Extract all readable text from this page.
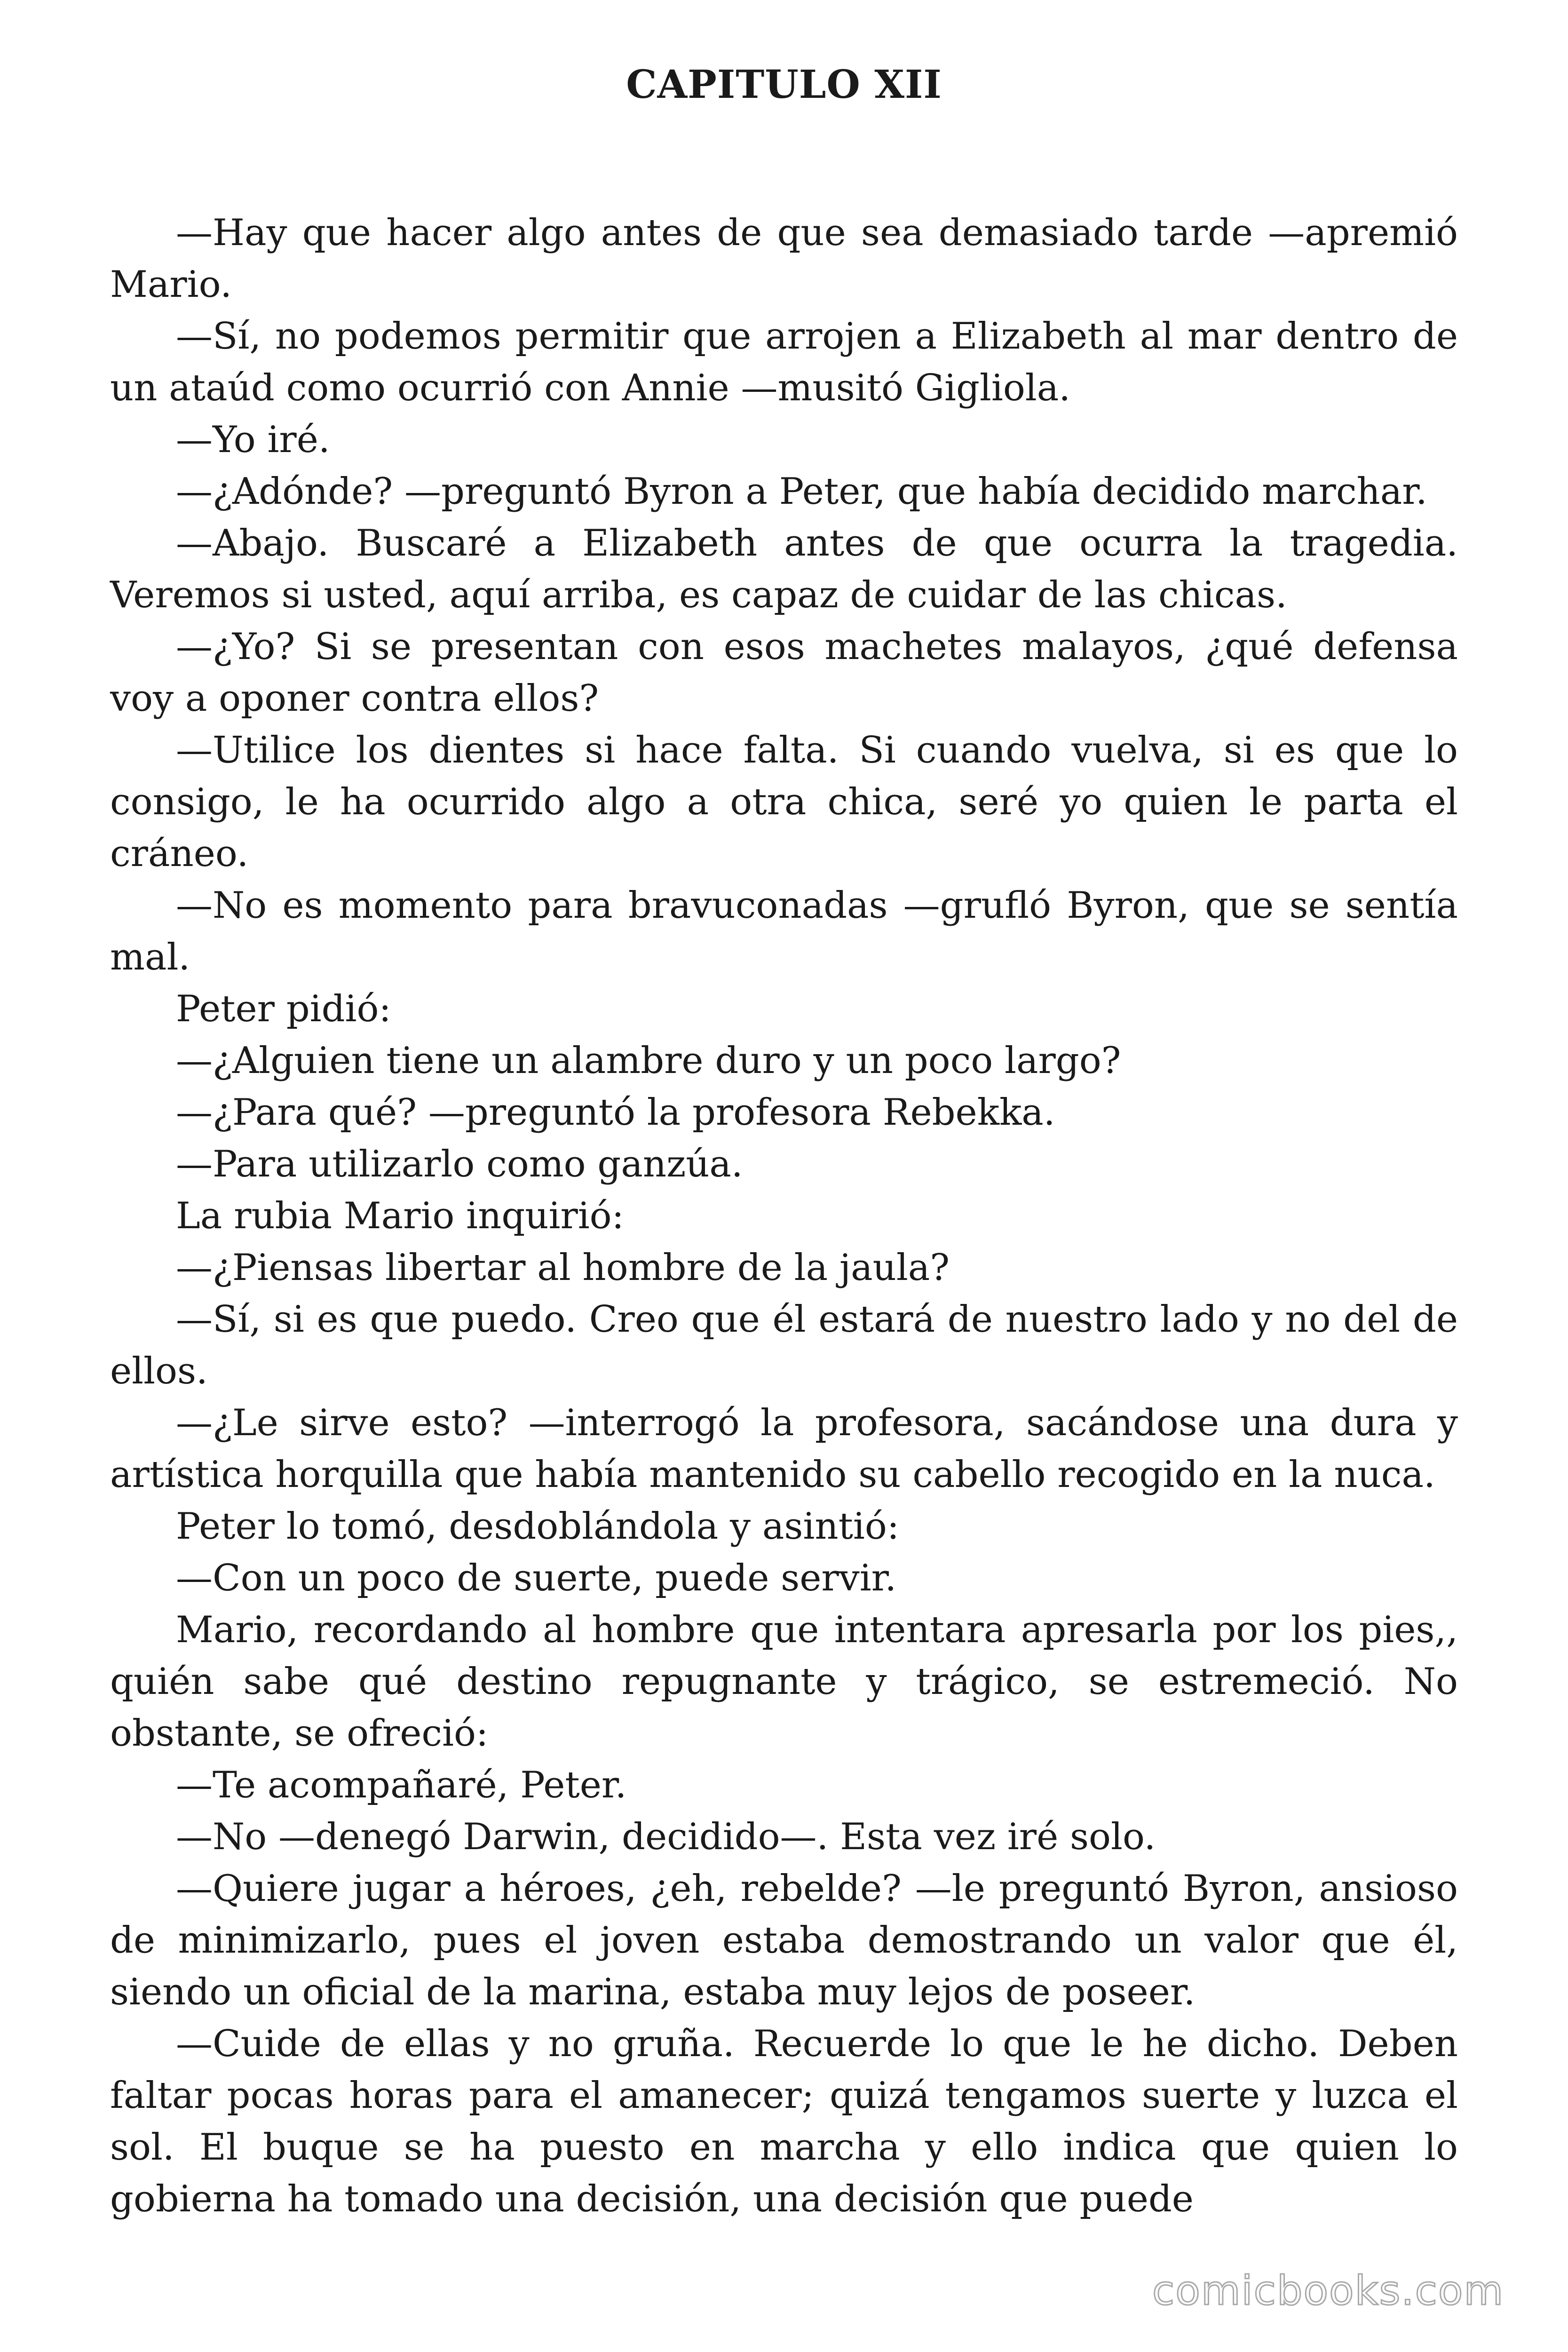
CAPITULO XII

—Hay que hacer algo antes de que sea demasiado tarde —apremió Mario.

—Sí, no podemos permitir que arrojen a Elizabeth al mar dentro de un ataúd como ocurrió con Annie —musitó Gigliola.

—Yo iré.

—¿Adónde? —preguntó Byron a Peter, que había decidido marchar.

—Abajo. Buscaré a Elizabeth antes de que ocurra la tragedia. Veremos si usted, aquí arriba, es capaz de cuidar de las chicas.

—¿Yo? Si se presentan con esos machetes malayos, ¿qué defensa voy a oponer contra ellos?

—Utilice los dientes si hace falta. Si cuando vuelva, si es que lo consigo, le ha ocurrido algo a otra chica, seré yo quien le parta el cráneo.

—No es momento para bravuconadas —grufló Byron, que se sentía mal.

Peter pidió:

—¿Alguien tiene un alambre duro y un poco largo?

—¿Para qué? —preguntó la profesora Rebekka.

—Para utilizarlo como ganzúa.

La rubia Mario inquirió:

—¿Piensas libertar al hombre de la jaula?

—Sí, si es que puedo. Creo que él estará de nuestro lado y no del de ellos.

—¿Le sirve esto? —interrogó la profesora, sacándose una dura y artística horquilla que había mantenido su cabello recogido en la nuca.

Peter lo tomó, desdoblándola y asintió:

—Con un poco de suerte, puede servir.

Mario, recordando al hombre que intentara apresarla por los pies,, quién sabe qué destino repugnante y trágico, se estremeció. No obstante, se ofreció:

—Te acompañaré, Peter.

—No —denegó Darwin, decidido—. Esta vez iré solo.

—Quiere jugar a héroes, ¿eh, rebelde? —le preguntó Byron, ansioso de minimizarlo, pues el joven estaba demostrando un valor que él, siendo un oficial de la marina, estaba muy lejos de poseer.

—Cuide de ellas y no gruña. Recuerde lo que le he dicho. Deben faltar pocas horas para el amanecer; quizá tengamos suerte y luzca el sol. El buque se ha puesto en marcha y ello indica que quien lo gobierna ha tomado una decisión, una decisión que puede

comicbooks.com
